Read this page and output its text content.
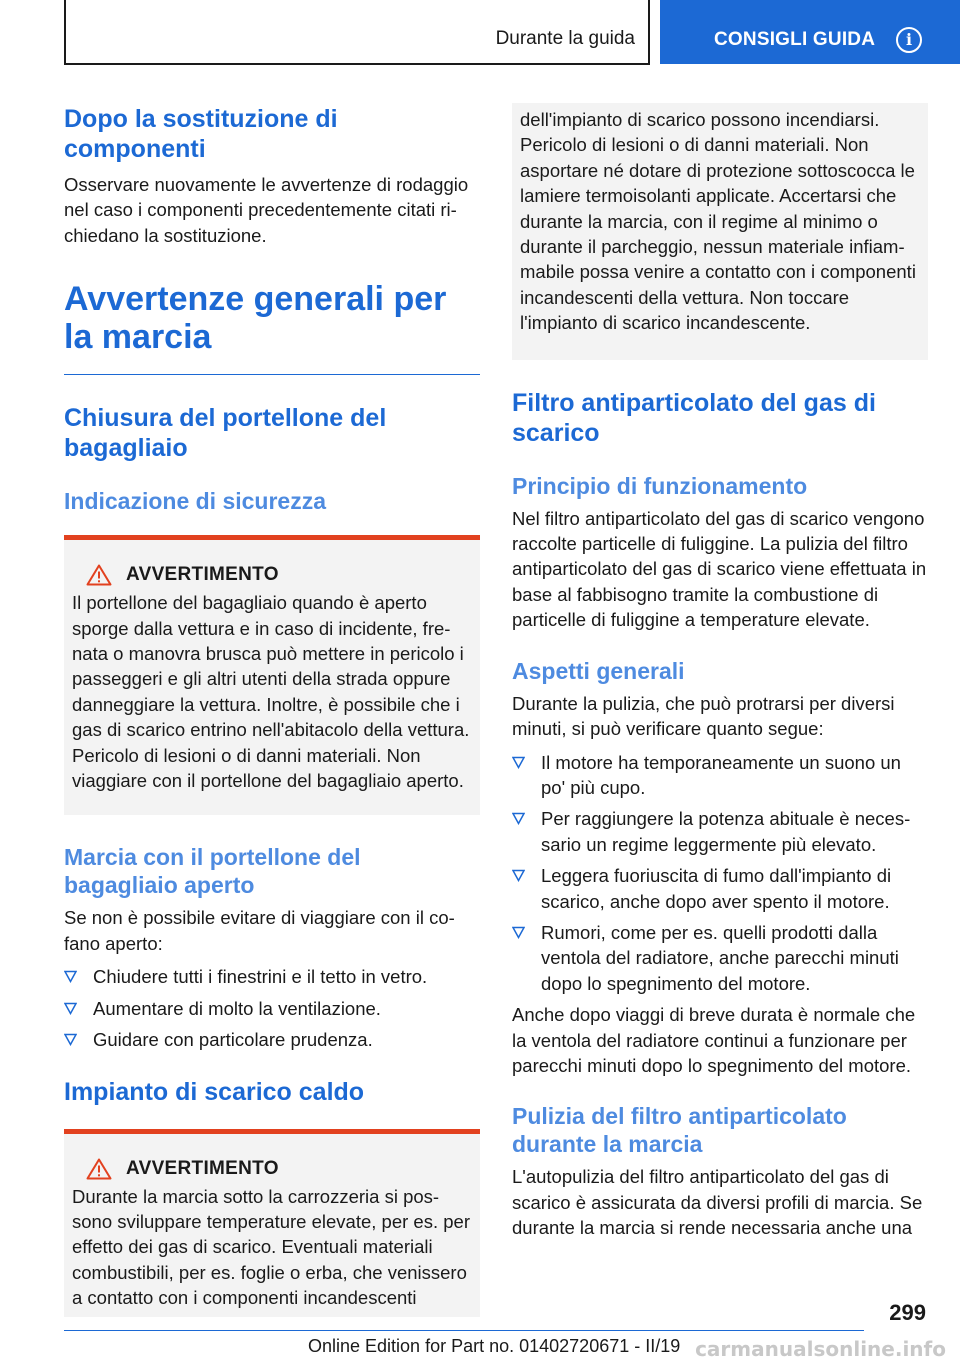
Durante la guida	CONSIGLI GUIDA	i
Dopo la sostituzione di componenti
Osservare nuovamente le avvertenze di rodaggio nel caso i componenti precedentemente citati richiedano la sostituzione.
Avvertenze generali per la marcia
Chiusura del portellone del bagagliaio
Indicazione di sicurezza
AVVERTIMENTO
Il portellone del bagagliaio quando è aperto sporge dalla vettura e in caso di incidente, frenata o manovra brusca può mettere in pericolo i passeggeri e gli altri utenti della strada oppure danneggiare la vettura. Inoltre, è possibile che i gas di scarico entrino nell'abitacolo della vettura. Pericolo di lesioni o di danni materiali. Non viaggiare con il portellone del bagagliaio aperto.
Marcia con il portellone del bagagliaio aperto
Se non è possibile evitare di viaggiare con il cofano aperto:
Chiudere tutti i finestrini e il tetto in vetro.
Aumentare di molto la ventilazione.
Guidare con particolare prudenza.
Impianto di scarico caldo
AVVERTIMENTO
Durante la marcia sotto la carrozzeria si possono sviluppare temperature elevate, per es. per effetto dei gas di scarico. Eventuali materiali combustibili, per es. foglie o erba, che venissero a contatto con i componenti incandescenti
dell'impianto di scarico possono incendiarsi. Pericolo di lesioni o di danni materiali. Non asportare né dotare di protezione sottoscocca le lamiere termoisolanti applicate. Accertarsi che durante la marcia, con il regime al minimo o durante il parcheggio, nessun materiale infiammabile possa venire a contatto con i componenti incandescenti della vettura. Non toccare l'impianto di scarico incandescente.
Filtro antiparticolato del gas di scarico
Principio di funzionamento
Nel filtro antiparticolato del gas di scarico vengono raccolte particelle di fuliggine. La pulizia del filtro antiparticolato del gas di scarico viene effettuata in base al fabbisogno tramite la combustione di particelle di fuliggine a temperature elevate.
Aspetti generali
Durante la pulizia, che può protrarsi per diversi minuti, si può verificare quanto segue:
Il motore ha temporaneamente un suono un po' più cupo.
Per raggiungere la potenza abituale è necessario un regime leggermente più elevato.
Leggera fuoriuscita di fumo dall'impianto di scarico, anche dopo aver spento il motore.
Rumori, come per es. quelli prodotti dalla ventola del radiatore, anche parecchi minuti dopo lo spegnimento del motore.
Anche dopo viaggi di breve durata è normale che la ventola del radiatore continui a funzionare per parecchi minuti dopo lo spegnimento del motore.
Pulizia del filtro antiparticolato durante la marcia
L'autopulizia del filtro antiparticolato del gas di scarico è assicurata da diversi profili di marcia. Se durante la marcia si rende necessaria anche una
299
Online Edition for Part no. 01402720671 - II/19 carmanualsonline.info
